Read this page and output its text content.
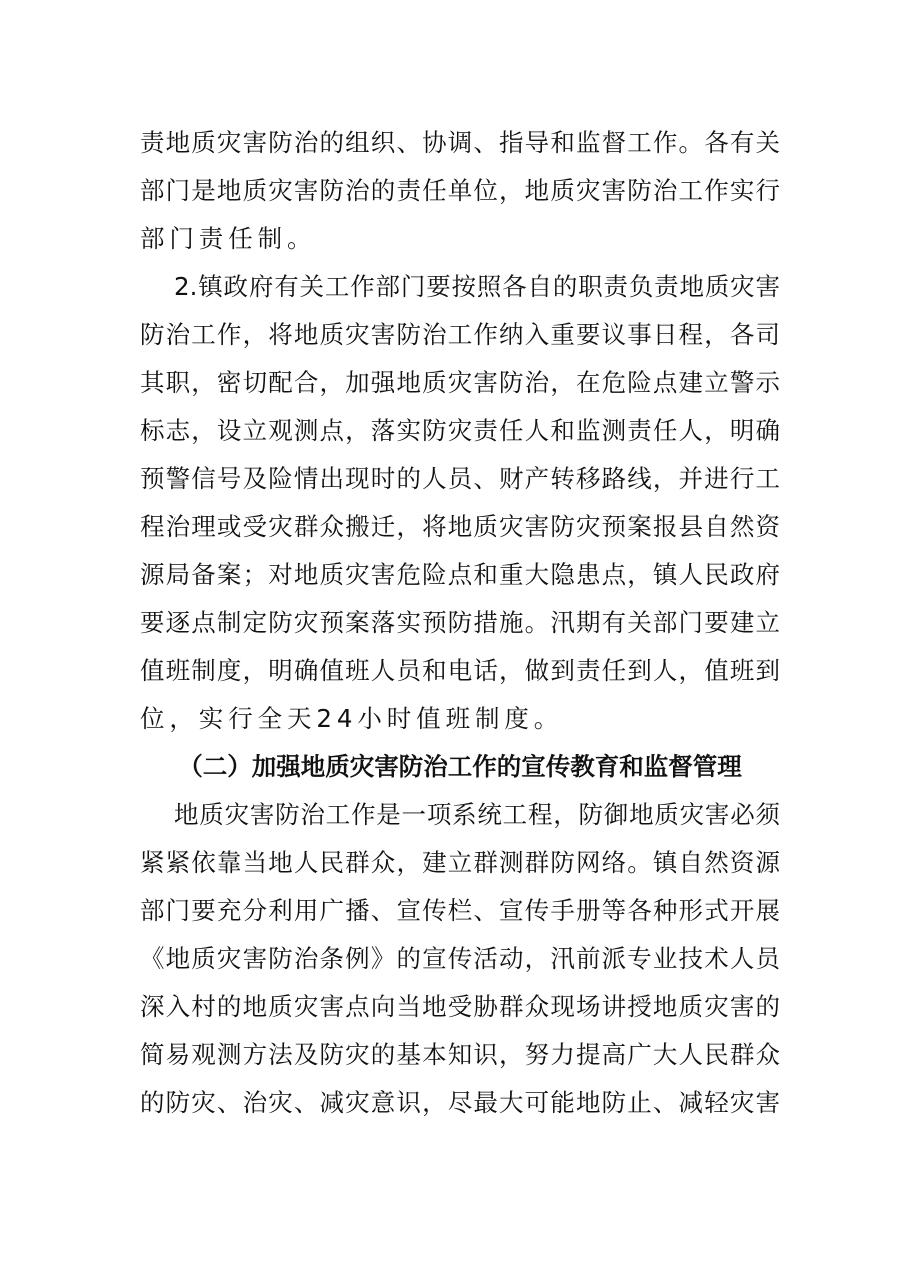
责地质灾害防治的组织、协调、指导和监督工作。各有关
部门是地质灾害防治的责任单位，地质灾害防治工作实行
部门责任制。
2.镇政府有关工作部门要按照各自的职责负责地质灾害
防治工作，将地质灾害防治工作纳入重要议事日程，各司
其职，密切配合，加强地质灾害防治，在危险点建立警示
标志，设立观测点，落实防灾责任人和监测责任人，明确
预警信号及险情出现时的人员、财产转移路线，并进行工
程治理或受灾群众搬迁，将地质灾害防灾预案报县自然资
源局备案；对地质灾害危险点和重大隐患点，镇人民政府
要逐点制定防灾预案落实预防措施。汛期有关部门要建立
值班制度，明确值班人员和电话，做到责任到人，值班到
位，实行全天24小时值班制度。
（二）加强地质灾害防治工作的宣传教育和监督管理
地质灾害防治工作是一项系统工程，防御地质灾害必须
紧紧依靠当地人民群众，建立群测群防网络。镇自然资源
部门要充分利用广播、宣传栏、宣传手册等各种形式开展
《地质灾害防治条例》的宣传活动，汛前派专业技术人员
深入村的地质灾害点向当地受胁群众现场讲授地质灾害的
简易观测方法及防灾的基本知识，努力提高广大人民群众
的防灾、治灾、减灾意识，尽最大可能地防止、减轻灾害
